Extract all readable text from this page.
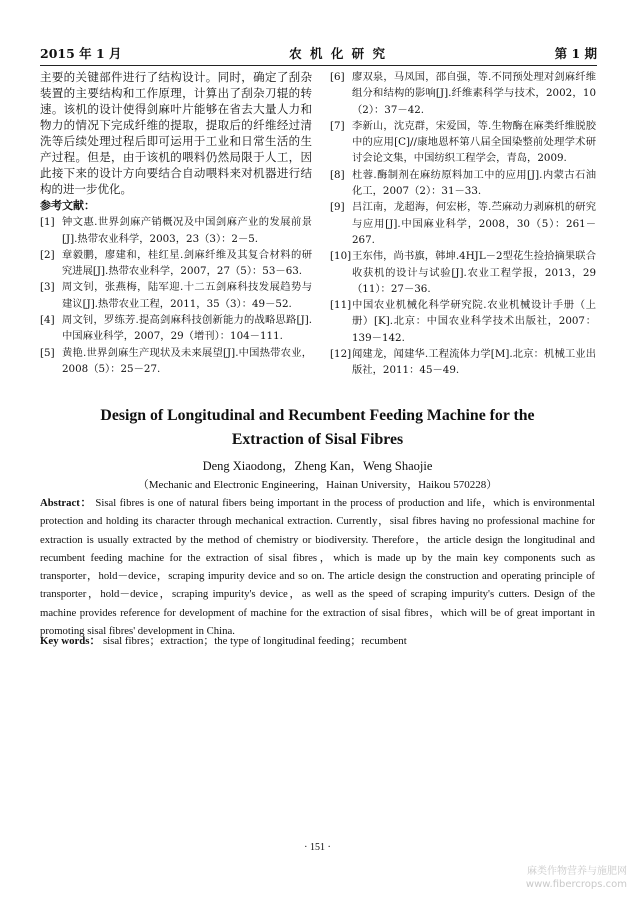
2015 年 1 月	农 机 化 研 究	第 1 期

主要的关键部件进行了结构设计。同时，确定了刮杂装置的主要结构和工作原理，计算出了刮杂刀辊的转速。该机的设计使得剑麻叶片能够在省去大量人力和物力的情况下完成纤维的提取，提取后的纤维经过清洗等后续处理过程后即可运用于工业和日常生活的生产过程。但是，由于该机的喂料仍然局限于人工，因此接下来的设计方向要结合自动喂料来对机器进行结构的进一步优化。

参考文献：
[1] 钟文惠.世界剑麻产销概况及中国剑麻产业的发展前景[J].热带农业科学，2003，23（3）：2－5.
[2] 章毅鹏，廖建和，桂红星.剑麻纤维及其复合材料的研究进展[J].热带农业科学，2007，27（5）：53－63.
[3] 周文钊，张燕梅，陆军迎.十二五剑麻科技发展趋势与建议[J].热带农业工程，2011，35（3）：49－52.
[4] 周文钊，罗练芳.提高剑麻科技创新能力的战略思路[J].中国麻业科学，2007，29（增刊）：104－111.
[5] 黄艳.世界剑麻生产现状及未来展望[J].中国热带农业，2008（5）：25－27.
[6] 廖双泉，马凤国，邵自强，等.不同预处理对剑麻纤维组分和结构的影响[J].纤维素科学与技术，2002，10（2）：37－42.
[7] 李新山，沈克群，宋爱国，等.生物酶在麻类纤维脱胶中的应用[C]//康地恩杯第八届全国染整前处理学术研讨会论文集，中国纺织工程学会，青岛，2009.
[8] 杜蓉.酶制剂在麻纺原料加工中的应用[J].内蒙古石油化工，2007（2）：31－33.
[9] 吕江南，龙超海，何宏彬，等.苎麻动力剥麻机的研究与应用[J].中国麻业科学，2008，30（5）：261－267.
[10] 王东伟，尚书旗，韩坤.4HJL－2型花生捡拾摘果联合收获机的设计与试验[J].农业工程学报，2013，29（11）：27－36.
[11] 中国农业机械化科学研究院.农业机械设计手册（上册）[K].北京：中国农业科学技术出版社，2007：139－142.
[12] 闻建龙，闻建华.工程流体力学[M].北京：机械工业出版社，2011：45－49.
Design of Longitudinal and Recumbent Feeding Machine for the
Extraction of Sisal Fibres
Deng Xiaodong，Zheng Kan，Weng Shaojie
（Mechanic and Electronic Engineering，Hainan University，Haikou 570228）
Abstract： Sisal fibres is one of natural fibers being important in the process of production and life，which is environmental protection and holding its character through mechanical extraction. Currently，sisal fibres having no professional machine for extraction is usually extracted by the method of chemistry or biodiversity. Therefore，the article design the longitudinal and recumbent feeding machine for the extraction of sisal fibres，which is made up by the main key components such as transporter，hold－device，scraping impurity device and so on. The article design the construction and operating principle of transporter，hold－device，scraping impurity's device，as well as the speed of scraping impurity's cutters. Design of the machine provides reference for development of machine for the extraction of sisal fibres，which will be of great important in promoting sisal fibres' development in China.
Key words： sisal fibres；extraction；the type of longitudinal feeding；recumbent
· 151 ·
麻类作物营养与施肥网
www.fibercrops.com
